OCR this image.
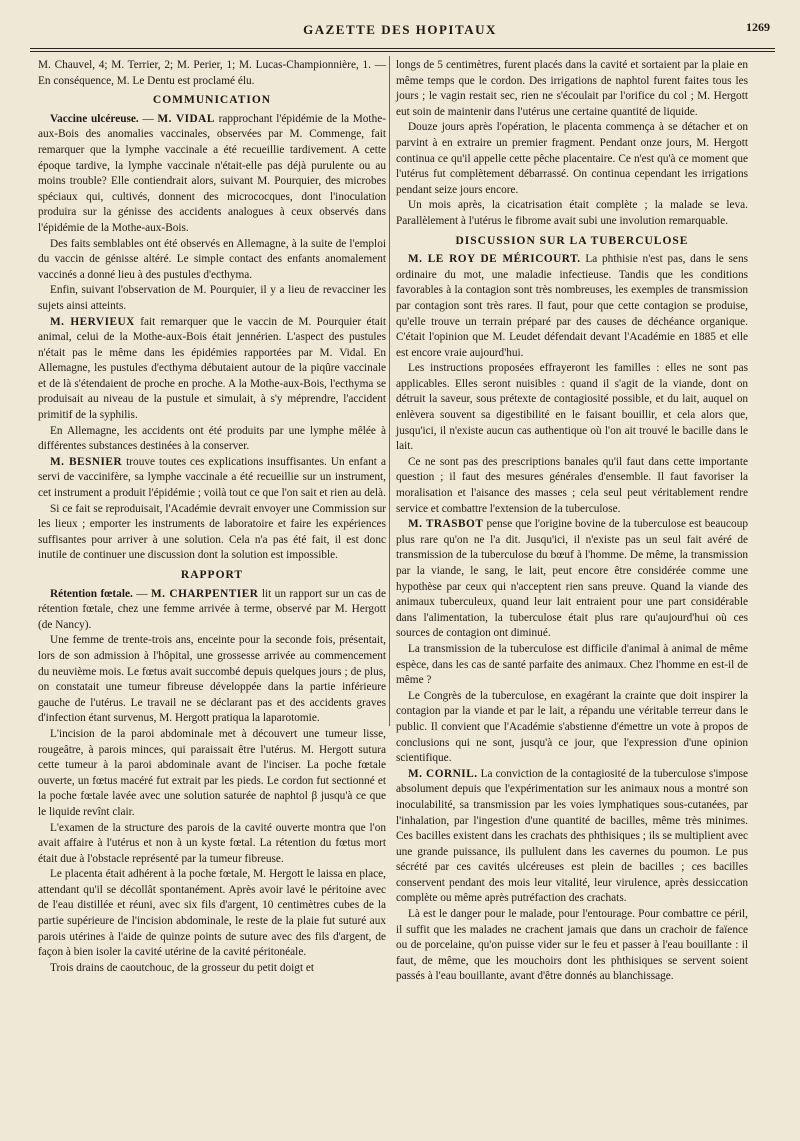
GAZETTE DES HOPITAUX	1269

M. Chauvel, 4; M. Terrier, 2; M. Perier, 1; M. Lucas-Championnière, 1. — En conséquence, M. Le Dentu est proclamé élu.

COMMUNICATION

Vaccine ulcéreuse. — M. VIDAL rapprochant l'épidémie de la Mothe-aux-Bois des anomalies vaccinales, observées par M. Commenge, fait remarquer que la lymphe vaccinale a été recueillie tardivement. A cette époque tardive, la lymphe vaccinale n'était-elle pas déjà purulente ou au moins trouble? Elle contiendrait alors, suivant M. Pourquier, des microbes spéciaux qui, cultivés, donnent des micrococques, dont l'inoculation produira sur la génisse des accidents analogues à ceux observés dans l'épidémie de la Mothe-aux-Bois.

Des faits semblables ont été observés en Allemagne, à la suite de l'emploi du vaccin de génisse altéré. Le simple contact des enfants anomalement vaccinés a donné lieu à des pustules d'ecthyma.

Enfin, suivant l'observation de M. Pourquier, il y a lieu de revacciner les sujets ainsi atteints.

M. HERVIEUX fait remarquer que le vaccin de M. Pourquier était animal, celui de la Mothe-aux-Bois était jennérien. L'aspect des pustules n'était pas le même dans les épidémies rapportées par M. Vidal. En Allemagne, les pustules d'ecthyma débutaient autour de la piqûre vaccinale et de là s'étendaient de proche en proche. A la Mothe-aux-Bois, l'ecthyma se produisait au niveau de la pustule et simulait, à s'y méprendre, l'accident primitif de la syphilis.

En Allemagne, les accidents ont été produits par une lymphe mêlée à différentes substances destinées à la conserver.

M. BESNIER trouve toutes ces explications insuffisantes. Un enfant a servi de vaccinifère, sa lymphe vaccinale a été recueillie sur un instrument, cet instrument a produit l'épidémie ; voilà tout ce que l'on sait et rien au delà.

Si ce fait se reproduisait, l'Académie devrait envoyer une Commission sur les lieux ; emporter les instruments de laboratoire et faire les expériences suffisantes pour arriver à une solution. Cela n'a pas été fait, il est donc inutile de continuer une discussion dont la solution est impossible.

RAPPORT

Rétention fœtale. — M. CHARPENTIER lit un rapport sur un cas de rétention fœtale, chez une femme arrivée à terme, observé par M. Hergott (de Nancy).

Une femme de trente-trois ans, enceinte pour la seconde fois, présentait, lors de son admission à l'hôpital, une grossesse arrivée au commencement du neuvième mois. Le fœtus avait succombé depuis quelques jours ; de plus, on constatait une tumeur fibreuse développée dans la partie inférieure gauche de l'utérus. Le travail ne se déclarant pas et des accidents graves d'infection étant survenus, M. Hergott pratiqua la laparotomie.

L'incision de la paroi abdominale met à découvert une tumeur lisse, rougeâtre, à parois minces, qui paraissait être l'utérus. M. Hergott sutura cette tumeur à la paroi abdominale avant de l'inciser. La poche fœtale ouverte, un fœtus macéré fut extrait par les pieds. Le cordon fut sectionné et la poche fœtale lavée avec une solution saturée de naphtol β jusqu'à ce que le liquide revînt clair.

L'examen de la structure des parois de la cavité ouverte montra que l'on avait affaire à l'utérus et non à un kyste fœtal. La rétention du fœtus mort était due à l'obstacle représenté par la tumeur fibreuse.

Le placenta était adhérent à la poche fœtale, M. Hergott le laissa en place, attendant qu'il se décollât spontanément. Après avoir lavé le péritoine avec de l'eau distillée et réuni, avec six fils d'argent, 10 centimètres cubes de la partie supérieure de l'incision abdominale, le reste de la plaie fut suturé aux parois utérines à l'aide de quinze points de suture avec des fils d'argent, de façon à bien isoler la cavité utérine de la cavité péritonéale.

Trois drains de caoutchouc, de la grosseur du petit doigt et

longs de 5 centimètres, furent placés dans la cavité et sortaient par la plaie en même temps que le cordon. Des irrigations de naphtol furent faites tous les jours ; le vagin restait sec, rien ne s'écoulait par l'orifice du col ; M. Hergott eut soin de maintenir dans l'utérus une certaine quantité de liquide.

Douze jours après l'opération, le placenta commença à se détacher et on parvint à en extraire un premier fragment. Pendant onze jours, M. Hergott continua ce qu'il appelle cette pêche placentaire. Ce n'est qu'à ce moment que l'utérus fut complètement débarrassé. On continua cependant les irrigations pendant seize jours encore.

Un mois après, la cicatrisation était complète ; la malade se leva. Parallèlement à l'utérus le fibrome avait subi une involution remarquable.

DISCUSSION SUR LA TUBERCULOSE

M. LE ROY DE MÉRICOURT. La phthisie n'est pas, dans le sens ordinaire du mot, une maladie infectieuse. Tandis que les conditions favorables à la contagion sont très nombreuses, les exemples de transmission par contagion sont très rares. Il faut, pour que cette contagion se produise, qu'elle trouve un terrain préparé par des causes de déchéance organique. C'était l'opinion que M. Leudet défendait devant l'Académie en 1885 et elle est encore vraie aujourd'hui.

Les instructions proposées effrayeront les familles : elles ne sont pas applicables. Elles seront nuisibles : quand il s'agit de la viande, dont on détruit la saveur, sous prétexte de contagiosité possible, et du lait, auquel on enlèvera souvent sa digestibilité en le faisant bouillir, et cela alors que, jusqu'ici, il n'existe aucun cas authentique où l'on ait trouvé le bacille dans le lait.

Ce ne sont pas des prescriptions banales qu'il faut dans cette importante question ; il faut des mesures générales d'ensemble. Il faut favoriser la moralisation et l'aisance des masses ; cela seul peut véritablement rendre service et combattre l'extension de la tuberculose.

M. TRASBOT pense que l'origine bovine de la tuberculose est beaucoup plus rare qu'on ne l'a dit. Jusqu'ici, il n'existe pas un seul fait avéré de transmission de la tuberculose du bœuf à l'homme. De même, la transmission par la viande, le sang, le lait, peut encore être considérée comme une hypothèse par ceux qui n'acceptent rien sans preuve. Quand la viande des animaux tuberculeux, quand leur lait entraient pour une part considérable dans l'alimentation, la tuberculose était plus rare qu'aujourd'hui où ces sources de contagion ont diminué.

La transmission de la tuberculose est difficile d'animal à animal de même espèce, dans les cas de santé parfaite des animaux. Chez l'homme en est-il de même ?

Le Congrès de la tuberculose, en exagérant la crainte que doit inspirer la contagion par la viande et par le lait, a répandu une véritable terreur dans le public. Il convient que l'Académie s'abstienne d'émettre un vote à propos de conclusions qui ne sont, jusqu'à ce jour, que l'expression d'une opinion scientifique.

M. CORNIL. La conviction de la contagiosité de la tuberculose s'impose absolument depuis que l'expérimentation sur les animaux nous a montré son inoculabilité, sa transmission par les voies lymphatiques sous-cutanées, par l'inhalation, par l'ingestion d'une quantité de bacilles, même très minimes. Ces bacilles existent dans les crachats des phthisiques ; ils se multiplient avec une grande puissance, ils pullulent dans les cavernes du poumon. Le pus sécrété par ces cavités ulcéreuses est plein de bacilles ; ces bacilles conservent pendant des mois leur vitalité, leur virulence, après dessiccation complète ou même après putréfaction des crachats.

Là est le danger pour le malade, pour l'entourage. Pour combattre ce péril, il suffit que les malades ne crachent jamais que dans un crachoir de faïence ou de porcelaine, qu'on puisse vider sur le feu et passer à l'eau bouillante : il faut, de même, que les mouchoirs dont les phthisiques se servent soient passés à l'eau bouillante, avant d'être donnés au blanchissage.
